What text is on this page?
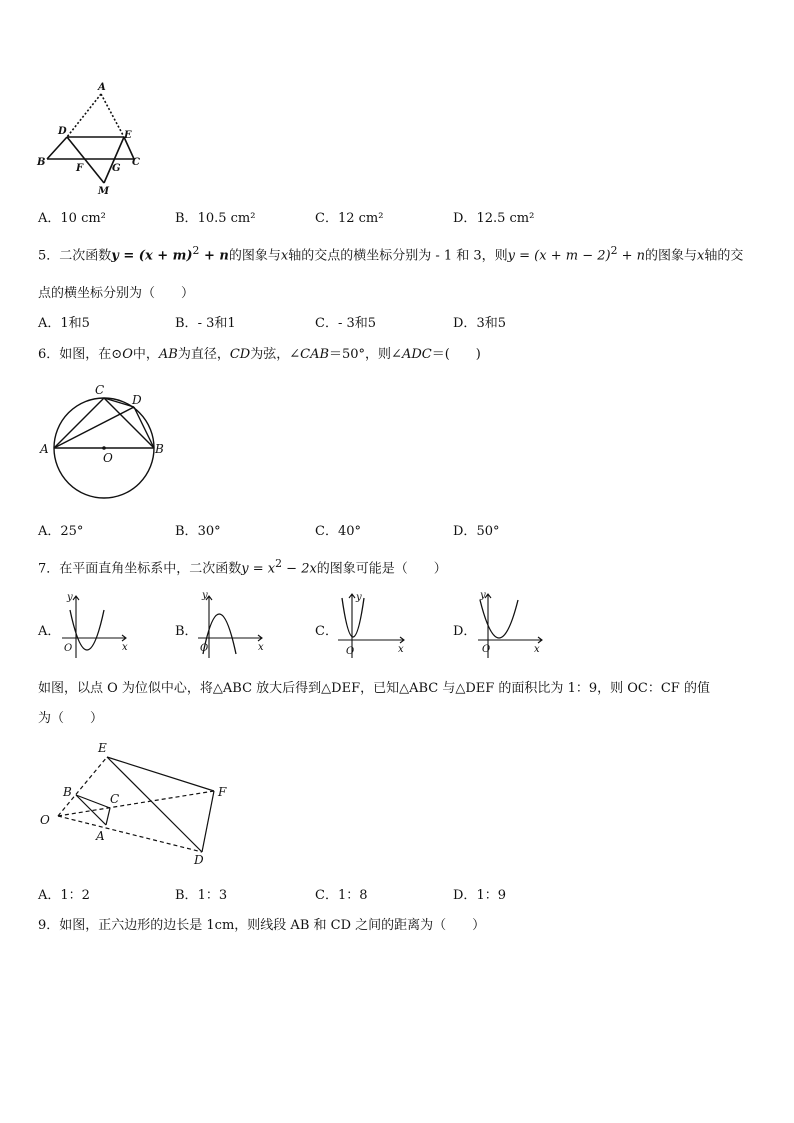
A
D	E
B
F	G
C
M
A．10 cm²	B．10.5 cm²	C．12 cm²	D．12.5 cm²
5．二次函数$y = (x + m)^2 + n$的图象与x轴的交点的横坐标分别为 - 1 和 3，则$y = (x + m - 2)^2 + n$的图象与x轴的交
点的横坐标分别为（　　）
A．1和5	B．- 3和1	C．- 3和5	D．3和5
6．如图，在⊙O中，AB为直径，CD为弦，∠CAB＝50°，则∠ADC＝(　　)
A	B
C
D
O
A．25°	B．30°	C．40°	D．50°
7．在平面直角坐标系中，二次函数$y = x^2 - 2x$的图象可能是（　　）
A．	B．	C．	D．
y
x
O
y
x
O
y
x
O
y
x
O
如图，以点 O 为位似中心，将△ABC 放大后得到△DEF，已知△ABC 与△DEF 的面积比为 1：9，则 OC：CF 的值
为（　　）
E
B	C	F
O
A
D
A．1：2	B．1：3	C．1：8	D．1：9
9．如图，正六边形的边长是 1cm，则线段 AB 和 CD 之间的距离为（　　）
